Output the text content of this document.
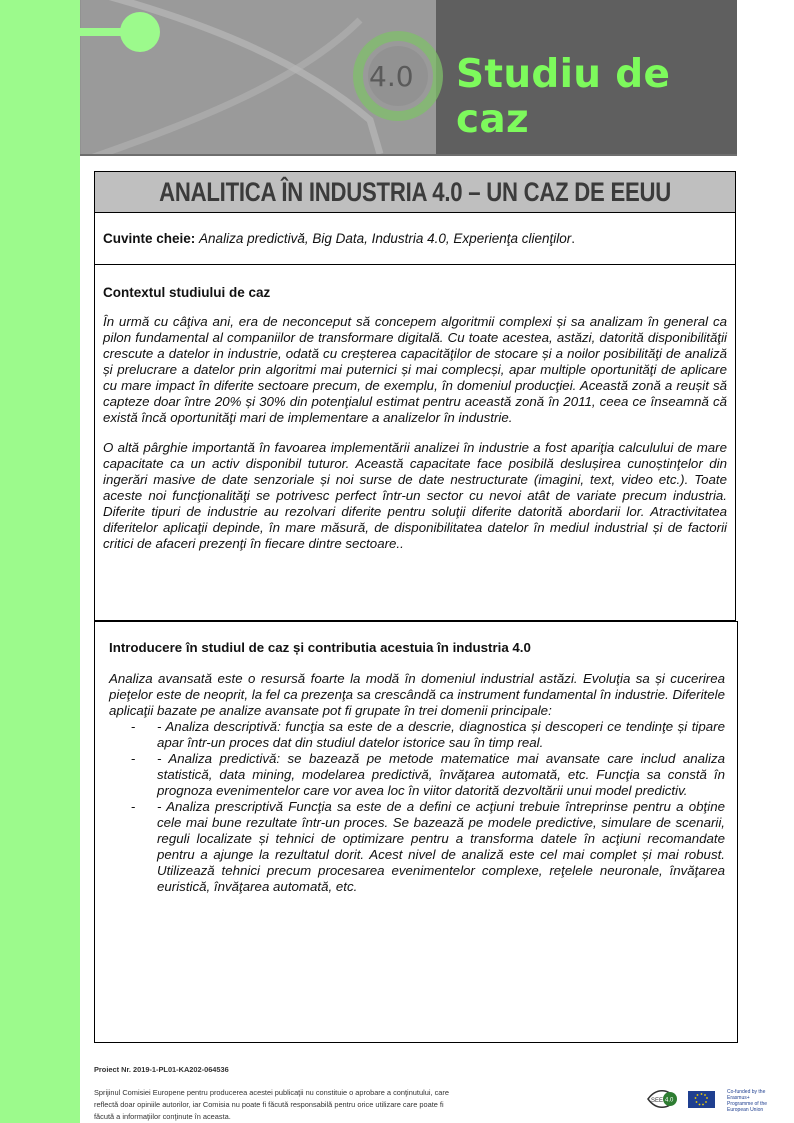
4.0 Studiu de caz
ANALITICA ÎN INDUSTRIA 4.0 – UN CAZ DE EEUU
Cuvinte cheie: Analiza predictivă, Big Data, Industria 4.0, Experienţa clienţilor.
Contextul studiului de caz

În urmă cu câţiva ani, era de neconceput să concepem algoritmii complexi și sa analizam în general ca pilon fundamental al companiilor de transformare digitală. Cu toate acestea, astăzi, datorită disponibilităţii crescute a datelor in industrie, odată cu creșterea capacităţilor de stocare și a noilor posibilităţi de analiză și prelucrare a datelor prin algoritmi mai puternici și mai complecși, apar multiple oportunităţi de aplicare cu mare impact în diferite sectoare precum, de exemplu, în domeniul producţiei. Această zonă a reușit să capteze doar între 20% și 30% din potenţialul estimat pentru această zonă în 2011, ceea ce înseamnă că există încă oportunităţi mari de implementare a analizelor în industrie.

O altă pârghie importantă în favoarea implementării analizei în industrie a fost apariţia calculului de mare capacitate ca un activ disponibil tuturor. Această capacitate face posibilă deslușirea cunoștinţelor din ingerări masive de date senzoriale și noi surse de date nestructurate (imagini, text, video etc.). Toate aceste noi funcţionalităţi se potrivesc perfect într-un sector cu nevoi atât de variate precum industria. Diferite tipuri de industrie au rezolvari diferite pentru soluţii diferite datorită abordarii lor. Atractivitatea diferitelor aplicaţii depinde, în mare măsură, de disponibilitatea datelor în mediul industrial și de factorii critici de afaceri prezenţi în fiecare dintre sectoare..

Introducere în studiul de caz și contributia acestuia în industria 4.0

Analiza avansată este o resursă foarte la modă în domeniul industrial astăzi. Evoluţia sa și cucerirea pieţelor este de neoprit, la fel ca prezenţa sa crescândă ca instrument fundamental în industrie. Diferitele aplicaţii bazate pe analize avansate pot fi grupate în trei domenii principale:

- - Analiza descriptivă: funcţia sa este de a descrie, diagnostica și descoperi ce tendinţe și tipare apar într-un proces dat din studiul datelor istorice sau în timp real.
- - Analiza predictivă: se bazează pe metode matematice mai avansate care includ analiza statistică, data mining, modelarea predictivă, învăţarea automată, etc. Funcţia sa constă în prognoza evenimentelor care vor avea loc în viitor datorită dezvoltării unui model predictiv.
- - Analiza prescriptivă Funcţia sa este de a defini ce acţiuni trebuie întreprinse pentru a obţine cele mai bune rezultate într-un proces. Se bazează pe modele predictive, simulare de scenarii, reguli localizate și tehnici de optimizare pentru a transforma datele în acţiuni recomandate pentru a ajunge la rezultatul dorit. Acest nivel de analiză este cel mai complet și mai robust. Utilizează tehnici precum procesarea evenimentelor complexe, reţelele neuronale, învăţarea euristică, învăţarea automată, etc.
Proiect Nr. 2019-1-PL01-KA202-064536
Sprijinul Comisiei Europene pentru producerea acestei publicaţii nu constituie o aprobare a conţinutului, care
reflectă doar opiniile autorilor, iar Comisia nu poate fi făcută responsabilă pentru orice utilizare care poate fi
făcută a informaţiilor conţinute în aceasta.
SEE 4.0
Co-funded by the Erasmus+ Programme of the European Union
